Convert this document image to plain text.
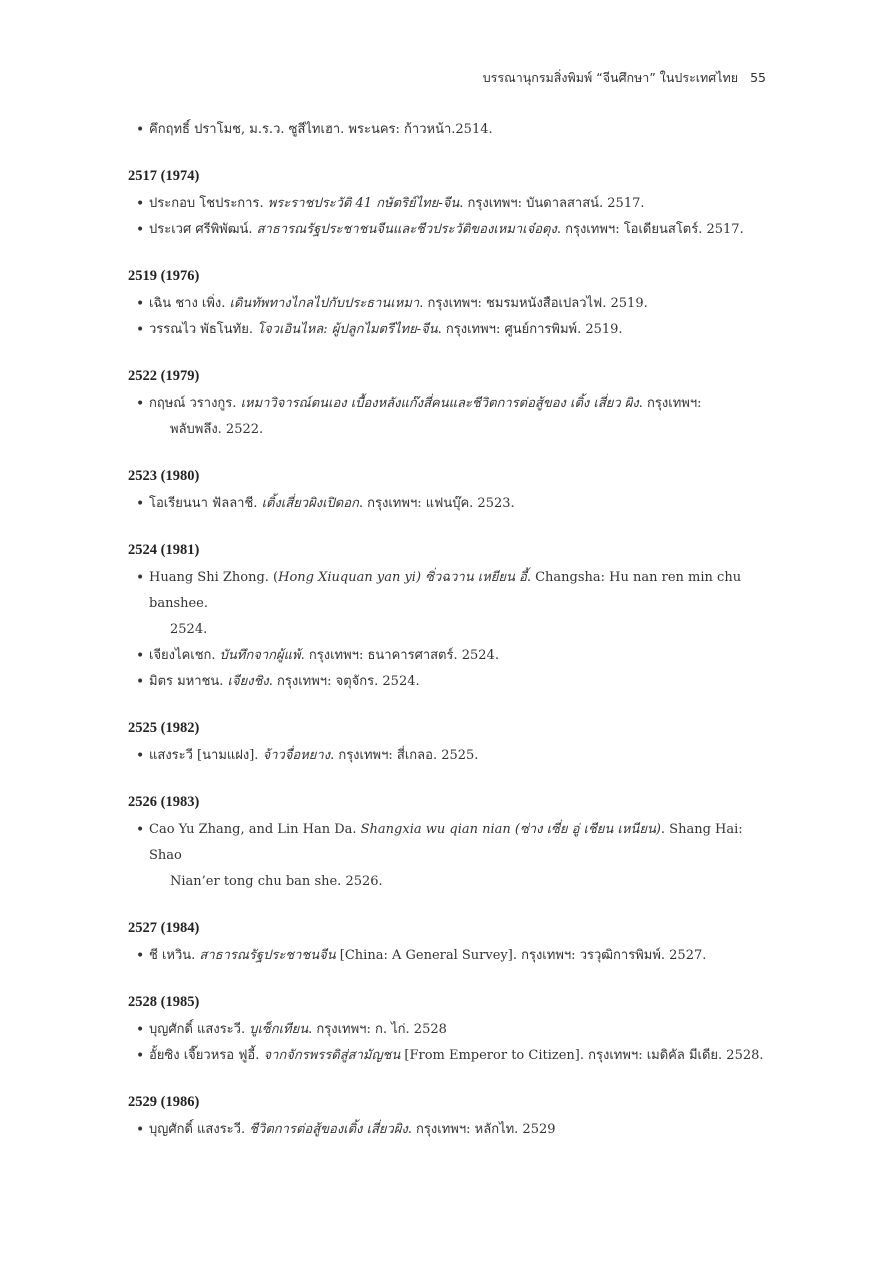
บรรณานุกรมสิ่งพิมพ์ “จีนศึกษา” ในประเทศไทย 55
• คึกฤทธิ์ ปราโมช, ม.ร.ว. ซูสีไทเฮา. พระนคร: ก้าวหน้า.2514.
2517 (1974)
• ประกอบ โชประการ. พระราชประวัติ 41 กษัตริย์ไทย-จีน. กรุงเทพฯ: บันดาลสาสน์. 2517.
• ประเวศ ศรีพิพัฒน์. สาธารณรัฐประชาชนจีนและชีวประวัติของเหมาเจ๋อตุง. กรุงเทพฯ: โอเดียนสโตร์. 2517.
2519 (1976)
• เฉิน ชาง เพิ่ง. เดินทัพทางไกลไปกับประธานเหมา. กรุงเทพฯ: ชมรมหนังสือเปลวไฟ. 2519.
• วรรณไว พัธโนทัย. โจวเอินไหล: ผู้ปลูกไมตรีไทย-จีน. กรุงเทพฯ: ศูนย์การพิมพ์. 2519.
2522 (1979)
• กฤษณ์ วรางกูร. เหมาวิจารณ์ตนเอง เบื้องหลังแก๊งสี่คนและชีวิตการต่อสู้ของ เติ้ง เสี่ยว ผิง. กรุงเทพฯ:
พลับพลึง. 2522.
2523 (1980)
• โอเรียนนา ฟัลลาชี. เติ้งเสี่ยวผิงเปิดอก. กรุงเทพฯ: แฟนบุ๊ค. 2523.
2524 (1981)
• Huang Shi Zhong. (Hong Xiuquan yan yi) ซิ่วฉวาน เหยียน อี้. Changsha: Hu nan ren min chu banshee.
2524.
• เจียงไคเชก. บันทึกจากผู้แพ้. กรุงเทพฯ: ธนาคารศาสตร์. 2524.
• มิตร มหาชน. เจียงชิง. กรุงเทพฯ: จตุจักร. 2524.
2525 (1982)
• แสงระวี [นามแฝง]. จ้าวจื่อหยาง. กรุงเทพฯ: สี่เกลอ. 2525.
2526 (1983)
• Cao Yu Zhang, and Lin Han Da. Shangxia wu qian nian (ซ่าง เซี่ย อู่ เชียน เหนียน). Shang Hai: Shao
Nian’er tong chu ban she. 2526.
2527 (1984)
• ชี เหวิน. สาธารณรัฐประชาชนจีน [China: A General Survey]. กรุงเทพฯ: วรวุฒิการพิมพ์. 2527.
2528 (1985)
• บุญศักดิ์ แสงระวี. บูเซ็กเทียน. กรุงเทพฯ: ก. ไก่. 2528
• อั้ยซิง เจี๊ยวหรอ ฟูอี้. จากจักรพรรดิสู่สามัญชน [From Emperor to Citizen]. กรุงเทพฯ: เมดิคัล มีเดีย. 2528.
2529 (1986)
• บุญศักดิ์ แสงระวี. ชีวิตการต่อสู้ของเติ้ง เสี่ยวผิง. กรุงเทพฯ: หลักไท. 2529
